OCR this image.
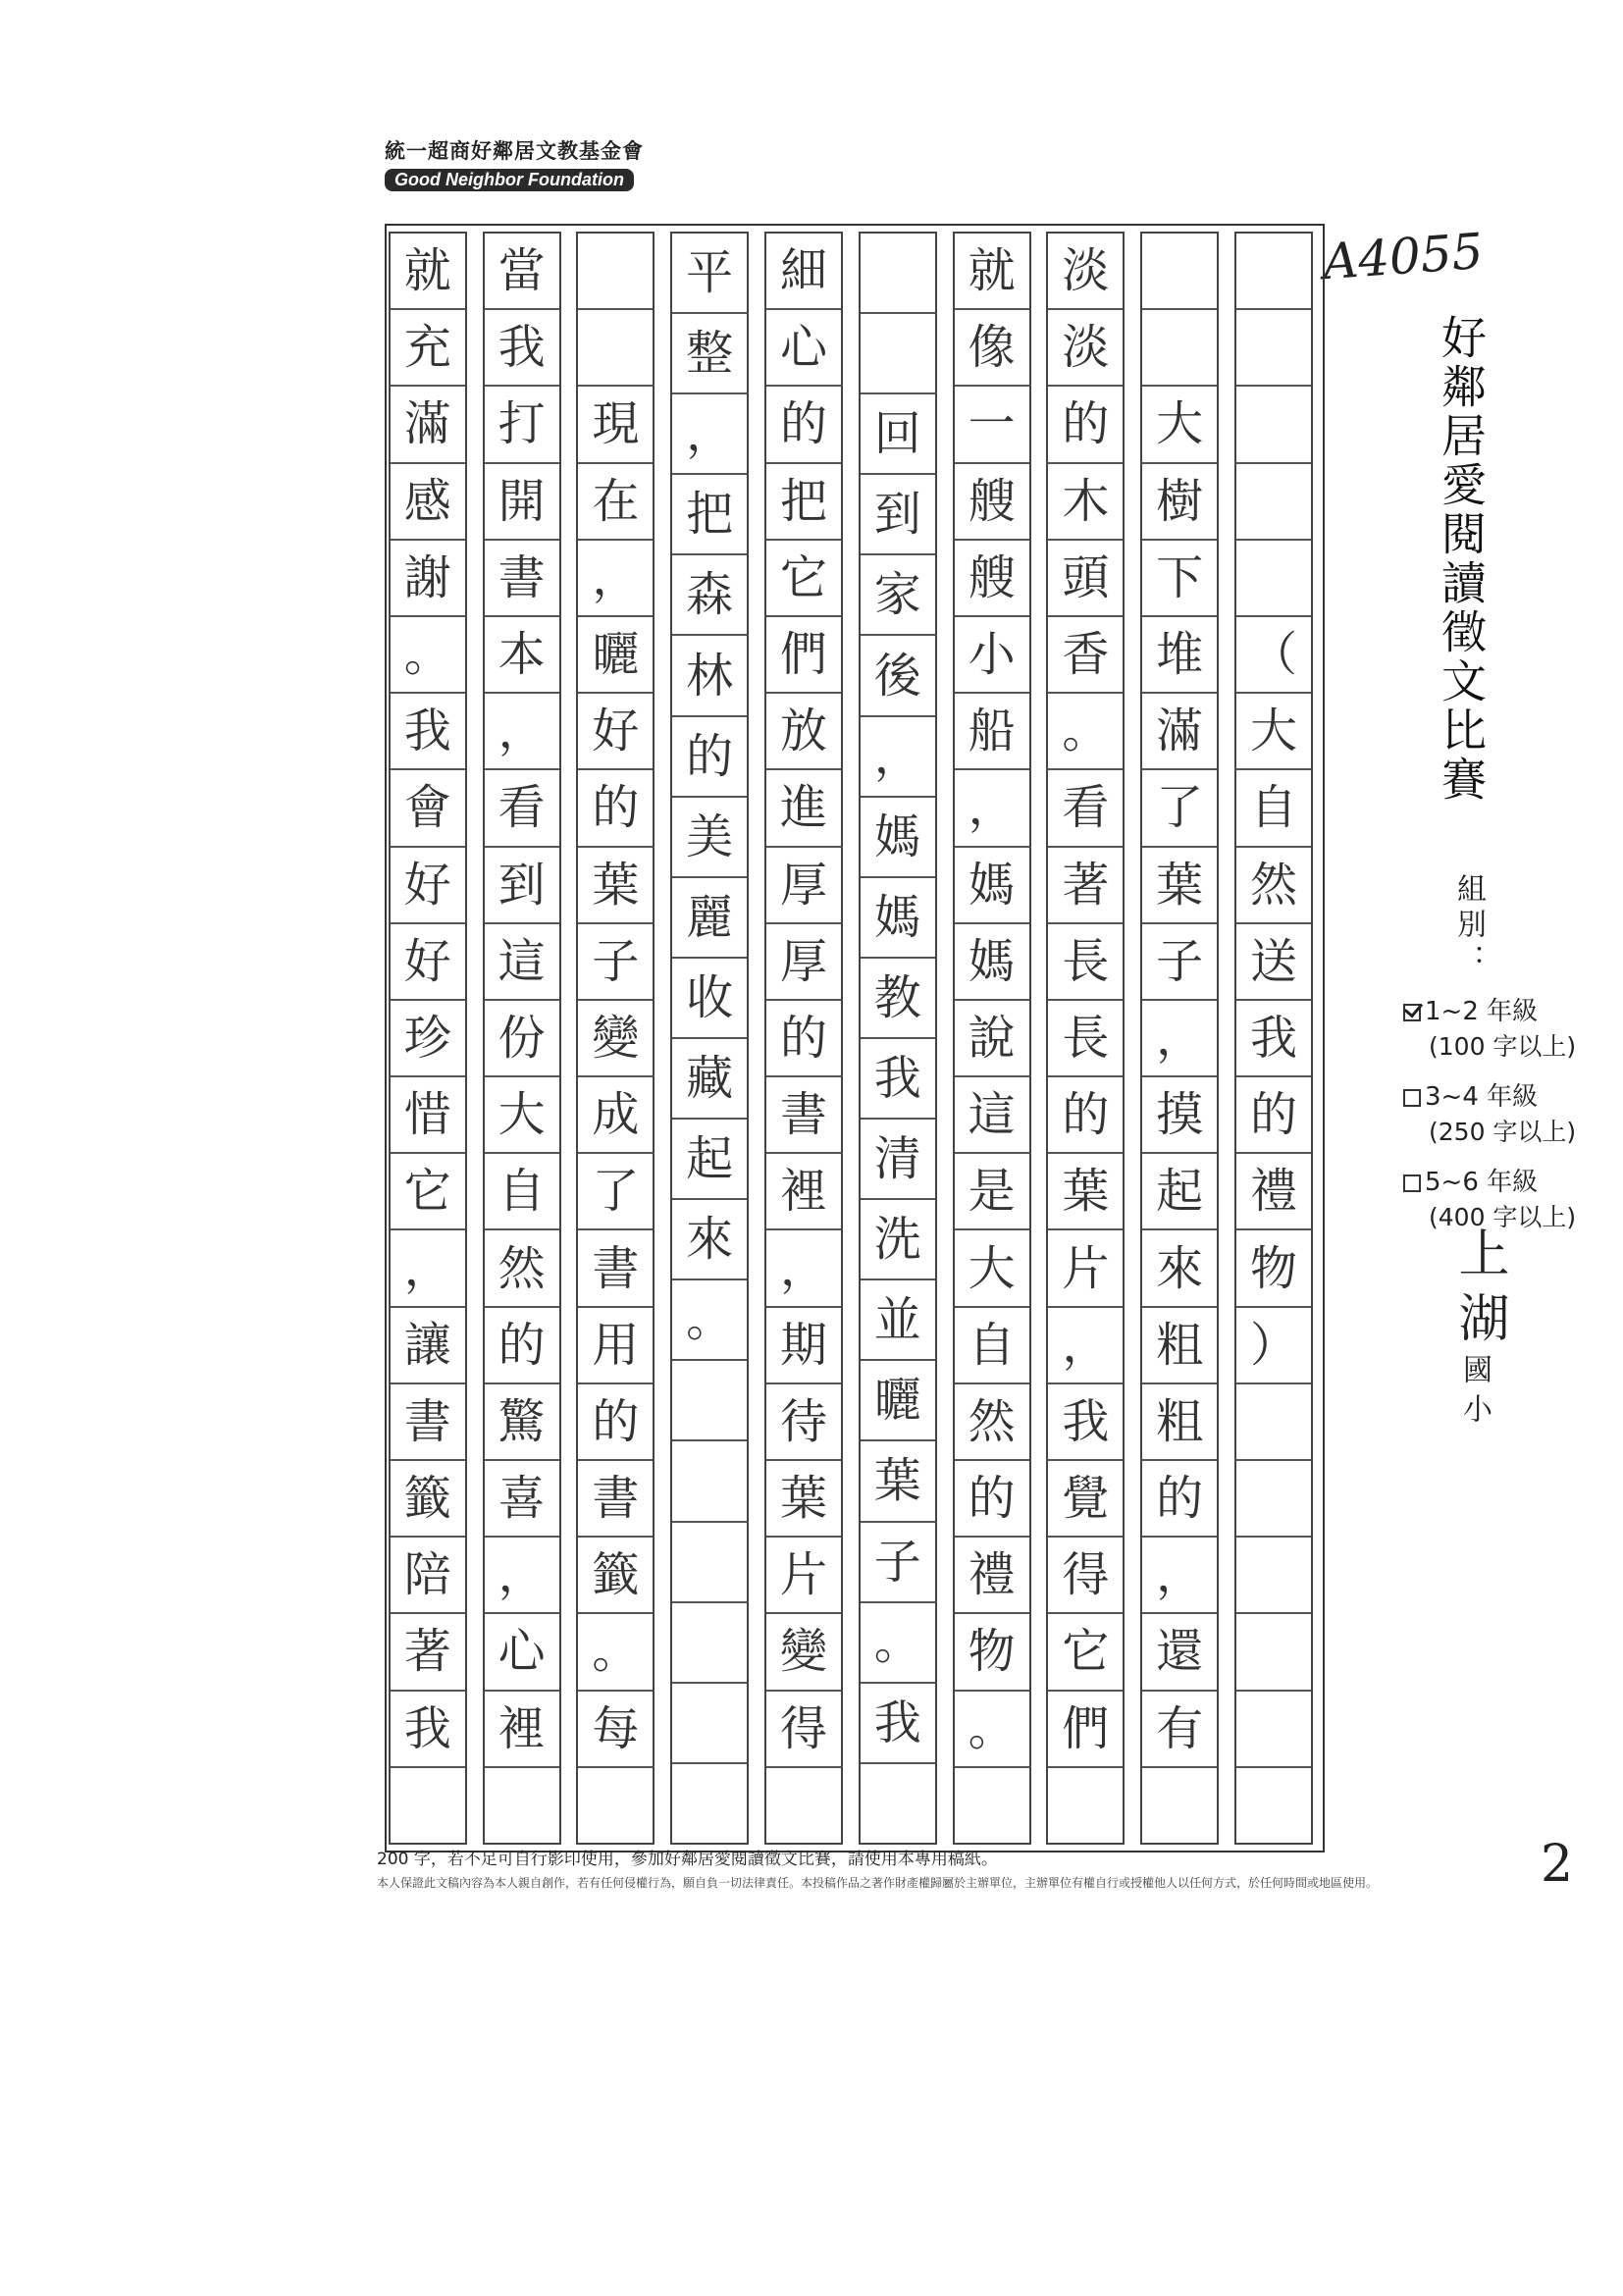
統一超商好鄰居文教基金會
Good Neighbor Foundation
A4055
（
大
自
然
送
我
的
禮
物
）
大
樹
下
堆
滿
了
葉
子
，
摸
起
來
粗
粗
的
，
還
有
淡
淡
的
木
頭
香
。
看
著
長
長
的
葉
片
，
我
覺
得
它
們
就
像
一
艘
艘
小
船
，
媽
媽
說
這
是
大
自
然
的
禮
物
。
回
到
家
後
，
媽
媽
教
我
清
洗
並
曬
葉
子
。
我
細
心
的
把
它
們
放
進
厚
厚
的
書
裡
，
期
待
葉
片
變
得
平
整
，
把
森
林
的
美
麗
收
藏
起
來
。
現
在
，
曬
好
的
葉
子
變
成
了
書
用
的
書
籤
。
每
當
我
打
開
書
本
，
看
到
這
份
大
自
然
的
驚
喜
，
心
裡
就
充
滿
感
謝
。
我
會
好
好
珍
惜
它
，
讓
書
籤
陪
著
我
好鄰居愛閱讀徵文比賽
組別：
1~2 年級
(100 字以上)
3~4 年級
(250 字以上)
5~6 年級
(400 字以上)
上湖
國小
200 字，若不足可自行影印使用，參加好鄰居愛閱讀徵文比賽，請使用本專用稿紙。
本人保證此文稿內容為本人親自創作，若有任何侵權行為，願自負一切法律責任。本投稿作品之著作財產權歸屬於主辦單位，主辦單位有權自行或授權他人以任何方式，於任何時間或地區使用。	2
